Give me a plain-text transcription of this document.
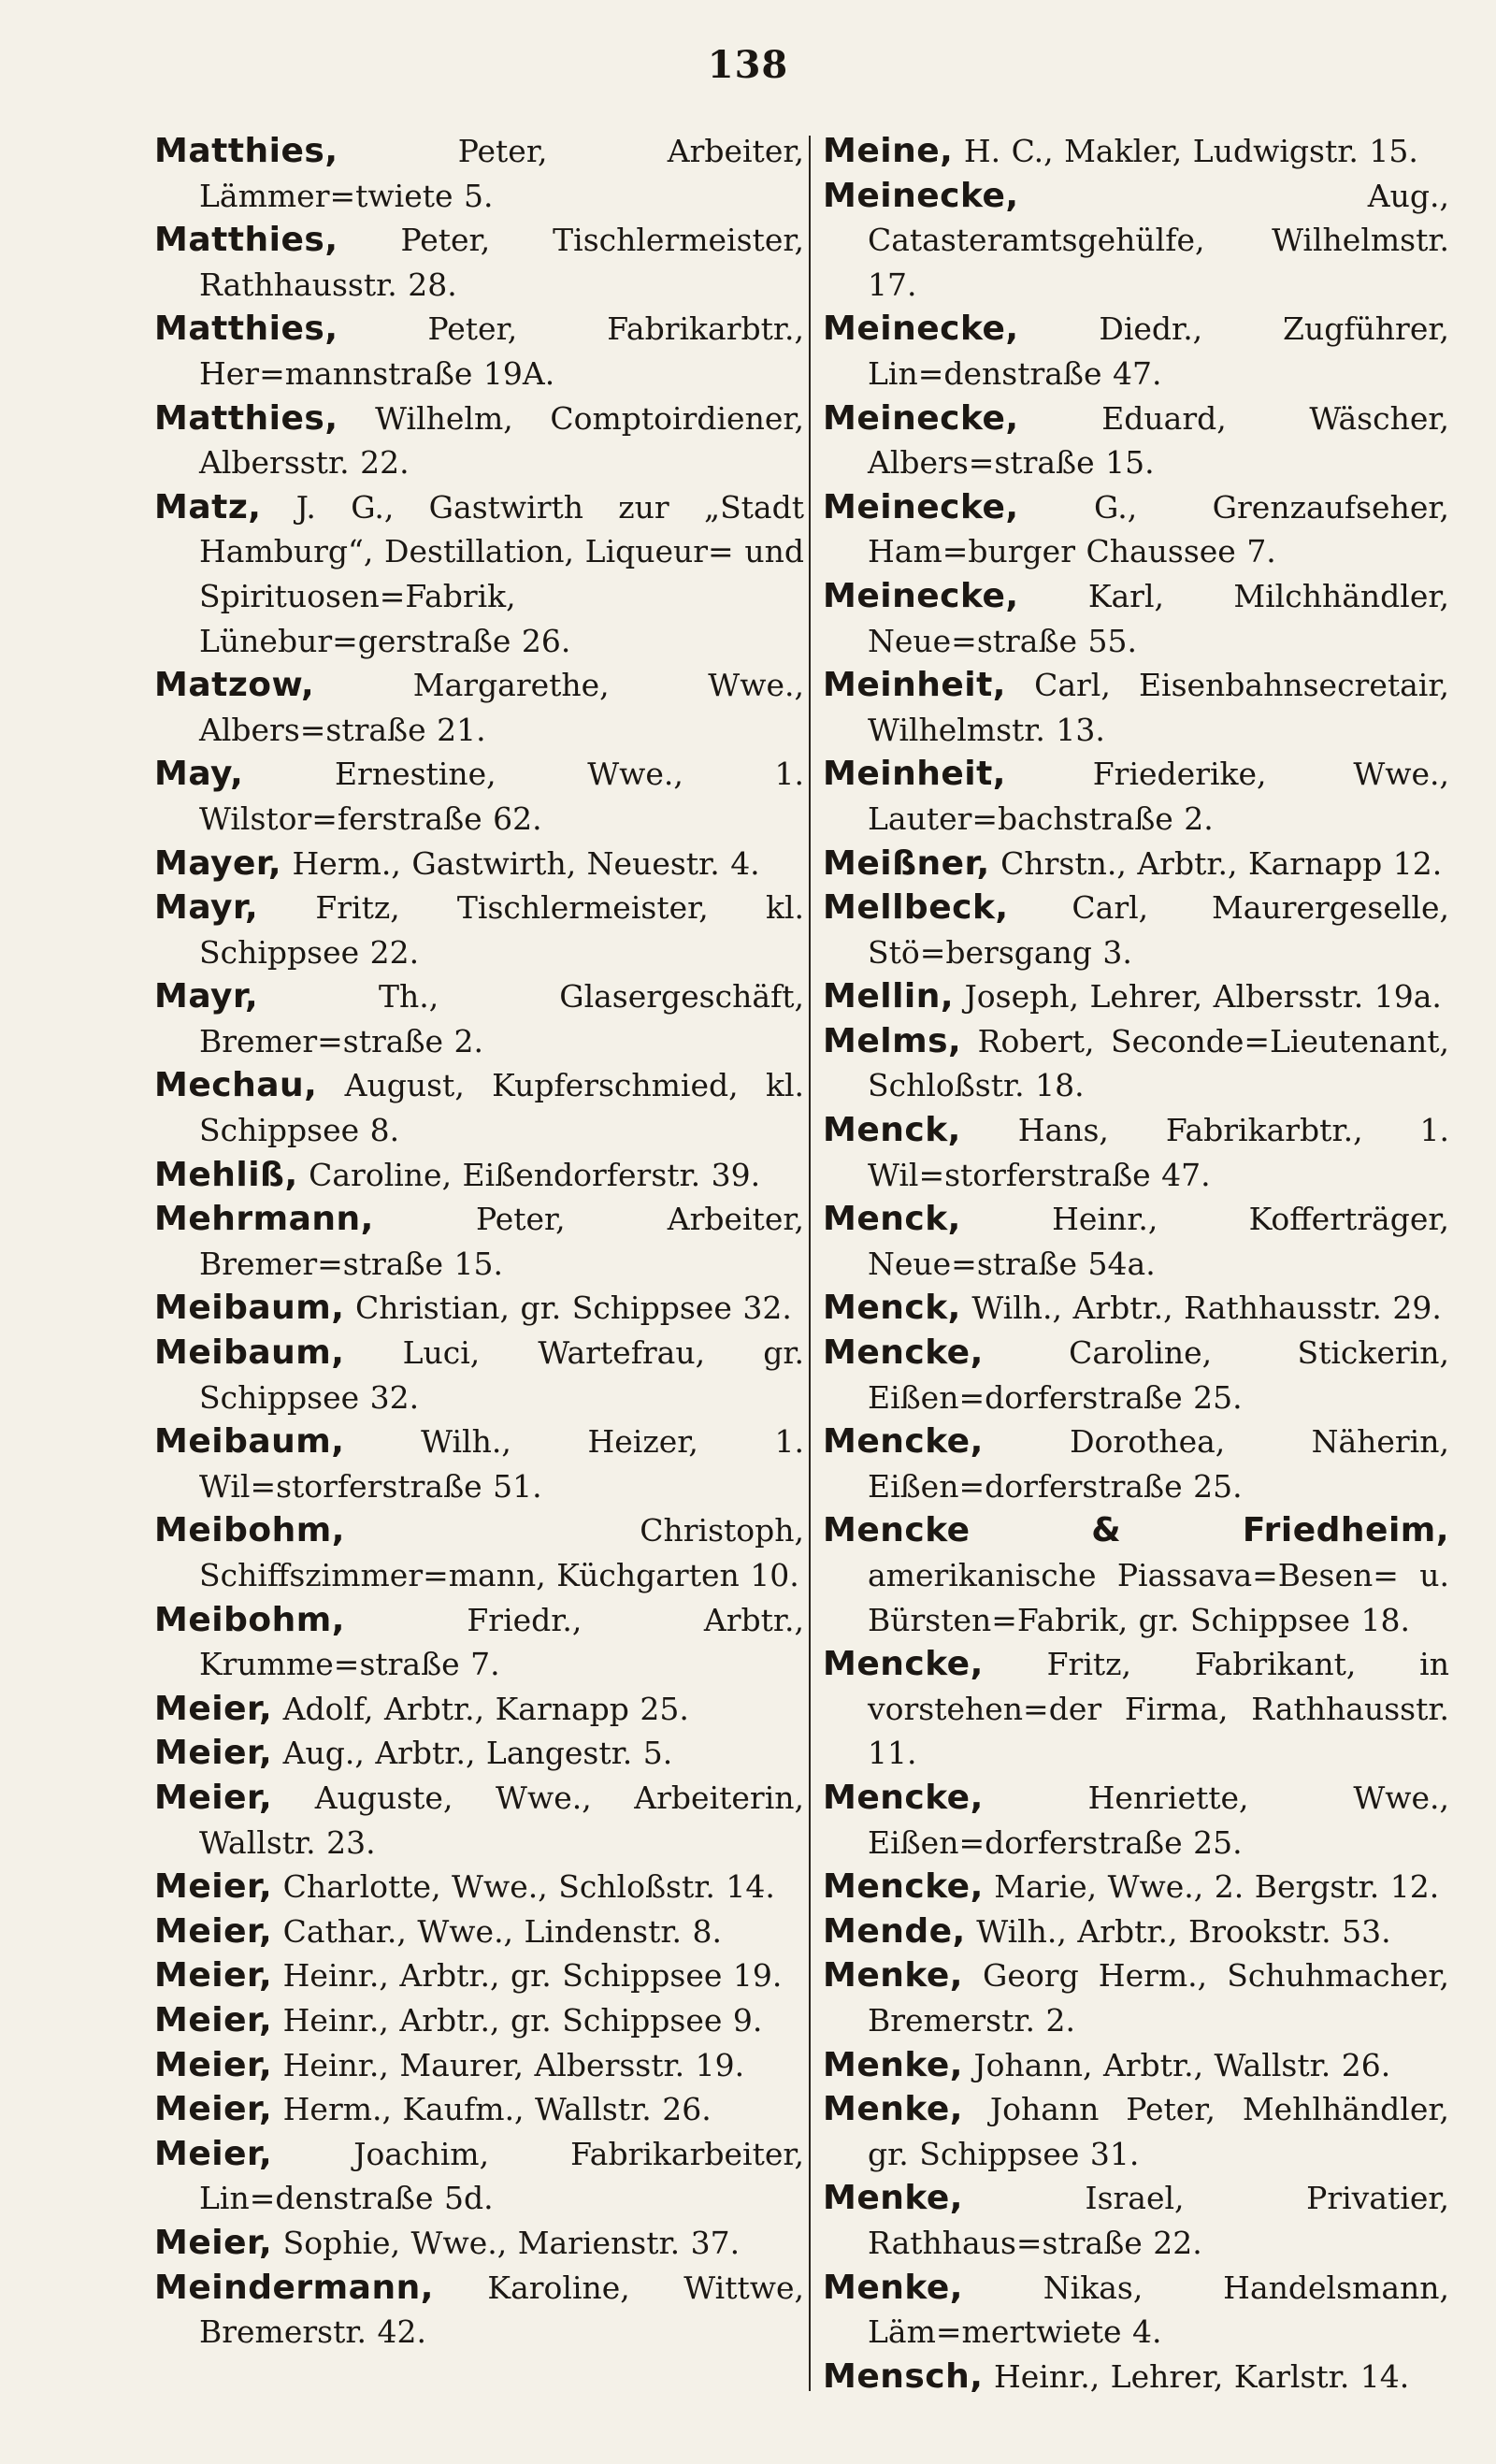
138

Matthies,	Peter, Arbeiter, Lämmer=twiete 5.

Matthies, Peter, Tischlermeister, Rathhausstr. 28.

Matthies,	Peter, Fabrikarbtr., Her=mannstraße 19A.

Matthies, Wilhelm, Comptoirdiener, Albersstr. 22.

Matz, J. G., Gastwirth zur „Stadt Hamburg“, Destillation, Liqueur= und Spirituosen=Fabrik, Lünebur=gerstraße 26.

Matzow,	Margarethe, Wwe., Albers=straße 21.

May,	Ernestine, Wwe., 1. Wilstor=ferstraße 62.

Mayer, Herm., Gastwirth, Neuestr. 4.

Mayr, Fritz, Tischlermeister, kl. Schippsee 22.

Mayr,	Th., Glasergeschäft, Bremer=straße 2.

Mechau, August, Kupferschmied, kl. Schippsee 8.

Mehliß, Caroline, Eißendorferstr. 39.

Mehrmann,	Peter, Arbeiter, Bremer=straße 15.

Meibaum, Christian, gr. Schippsee 32.

Meibaum, Luci, Wartefrau, gr. Schippsee 32.

Meibaum, Wilh., Heizer, 1. Wil=storferstraße 51.

Meibohm,	Christoph, Schiffszimmer=mann, Küchgarten 10.

Meibohm,	Friedr., Arbtr., Krumme=straße 7.

Meier, Adolf, Arbtr., Karnapp 25.

Meier, Aug., Arbtr., Langestr. 5.

Meier, Auguste, Wwe., Arbeiterin, Wallstr. 23.

Meier, Charlotte, Wwe., Schloßstr. 14.

Meier, Cathar., Wwe., Lindenstr. 8.

Meier, Heinr., Arbtr., gr. Schippsee 19.

Meier, Heinr., Arbtr., gr. Schippsee 9.

Meier, Heinr., Maurer, Albersstr. 19.

Meier, Herm., Kaufm., Wallstr. 26.

Meier,	Joachim, Fabrikarbeiter, Lin=denstraße 5d.

Meier, Sophie, Wwe., Marienstr. 37.

Meindermann, Karoline, Wittwe, Bremerstr. 42.

Meine, H. C., Makler, Ludwigstr. 15.

Meinecke,	Aug., Catasteramtsgehülfe, Wilhelmstr. 17.

Meinecke,	Diedr., Zugführer, Lin=denstraße 47.

Meinecke,	Eduard, Wäscher, Albers=straße 15.

Meinecke, G., Grenzaufseher, Ham=burger Chaussee 7.

Meinecke, Karl, Milchhändler, Neue=straße 55.

Meinheit, Carl, Eisenbahnsecretair, Wilhelmstr. 13.

Meinheit,	Friederike, Wwe., Lauter=bachstraße 2.

Meißner, Chrstn., Arbtr., Karnapp 12.

Mellbeck, Carl, Maurergeselle, Stö=bersgang 3.

Mellin, Joseph, Lehrer, Albersstr. 19a.

Melms, Robert, Seconde=Lieutenant, Schloßstr. 18.

Menck, Hans, Fabrikarbtr., 1. Wil=storferstraße 47.

Menck,	Heinr., Kofferträger, Neue=straße 54a.

Menck, Wilh., Arbtr., Rathhausstr. 29.

Mencke,	Caroline, Stickerin, Eißen=dorferstraße 25.

Mencke,	Dorothea, Näherin, Eißen=dorferstraße 25.

Mencke & Friedheim, amerikanische Piassava=Besen= u. Bürsten=Fabrik, gr. Schippsee 18.

Mencke, Fritz, Fabrikant, in vorstehen=der Firma, Rathhausstr. 11.

Mencke,	Henriette, Wwe., Eißen=dorferstraße 25.

Mencke, Marie, Wwe., 2. Bergstr. 12.

Mende, Wilh., Arbtr., Brookstr. 53.

Menke, Georg Herm., Schuhmacher, Bremerstr. 2.

Menke, Johann, Arbtr., Wallstr. 26.

Menke, Johann Peter, Mehlhändler, gr. Schippsee 31.

Menke,	Israel, Privatier, Rathhaus=straße 22.

Menke,	Nikas, Handelsmann, Läm=mertwiete 4.

Mensch, Heinr., Lehrer, Karlstr. 14.
